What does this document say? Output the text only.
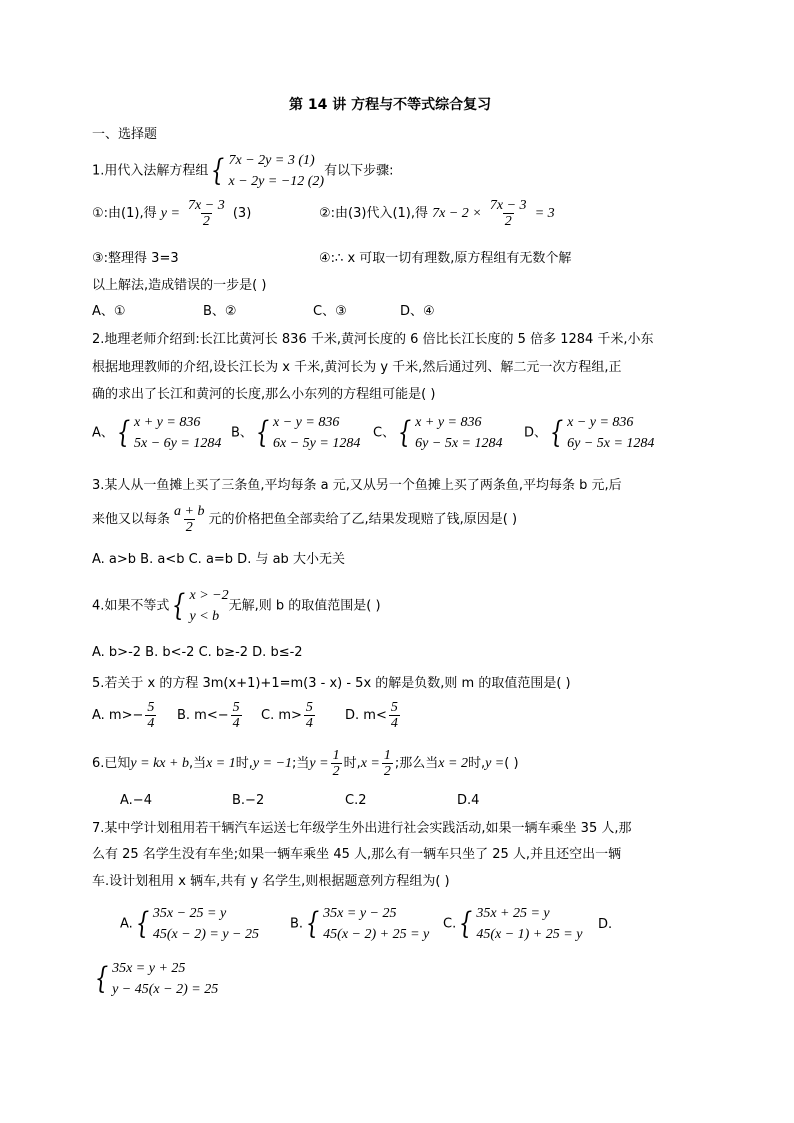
第 14 讲 方程与不等式综合复习
一、选择题
1.用代入法解方程组 { 7x − 2y = 3 (1)
x − 2y = −12 (2)
有以下步骤:
①:由(1),得 $y = \frac{7x - 3}{2} (3)$	②:由(3)代入(1),得 $7x - 2 \times \frac{7x - 3}{2} = 3$
③:整理得 3=3	④:∴ x 可取一切有理数,原方程组有无数个解
以上解法,造成错误的一步是( )
A、①	B、②	C、③	D、④
2.地理老师介绍到:长江比黄河长 836 千米,黄河长度的 6 倍比长江长度的 5 倍多 1284 千米,小东
根据地理教师的介绍,设长江长为 x 千米,黄河长为 y 千米,然后通过列、解二元一次方程组,正
确的求出了长江和黄河的长度,那么小东列的方程组可能是( )
A、 { x + y = 836
5x − 6y = 1284
B、 { x − y = 836
6x − 5y = 1284
C、 { x + y = 836
6y − 5x = 1284
D、 { x − y = 836
6y − 5x = 1284
3.某人从一鱼摊上买了三条鱼,平均每条 a 元,又从另一个鱼摊上买了两条鱼,平均每条 b 元,后
来他又以每条 $\frac{a + b}{2}$ 元的价格把鱼全部卖给了乙,结果发现赔了钱,原因是( )
A. a>b B. a<b C. a=b D. 与 ab 大小无关
4.如果不等式 { x > −2
y < b
无解,则 b 的取值范围是( )
A. b>-2 B. b<-2 C. b≥-2 D. b≤-2
5.若关于 x 的方程 3m(x+1)+1=m(3 - x) - 5x 的解是负数,则 m 的取值范围是( )
A. $m>- \frac{5}{4} B$. $m<- \frac{5}{4} C$. $m> \frac{5}{4} D$. $m< \frac{5}{4}$
6.已知y = kx + b,当x = 1时,y = −1;当$y = \frac{1}{2}$ 时$,x = \frac{1}{2}$ ;那么当x = 2时,y =( )
A.−4	B.−2	C.2	D.4
7.某中学计划租用若干辆汽车运送七年级学生外出进行社会实践活动,如果一辆车乘坐 35 人,那
么有 25 名学生没有车坐;如果一辆车乘坐 45 人,那么有一辆车只坐了 25 人,并且还空出一辆
车.设计划租用 x 辆车,共有 y 名学生,则根据题意列方程组为( )
A. { 35x − 25 = y
45(x − 2) = y − 25
B. { 35x = y − 25
45(x − 2) + 25 = y
C. { 35x + 25 = y
45(x − 1) + 25 = y
D.
{ 35x = y + 25
y − 45(x − 2) = 25
